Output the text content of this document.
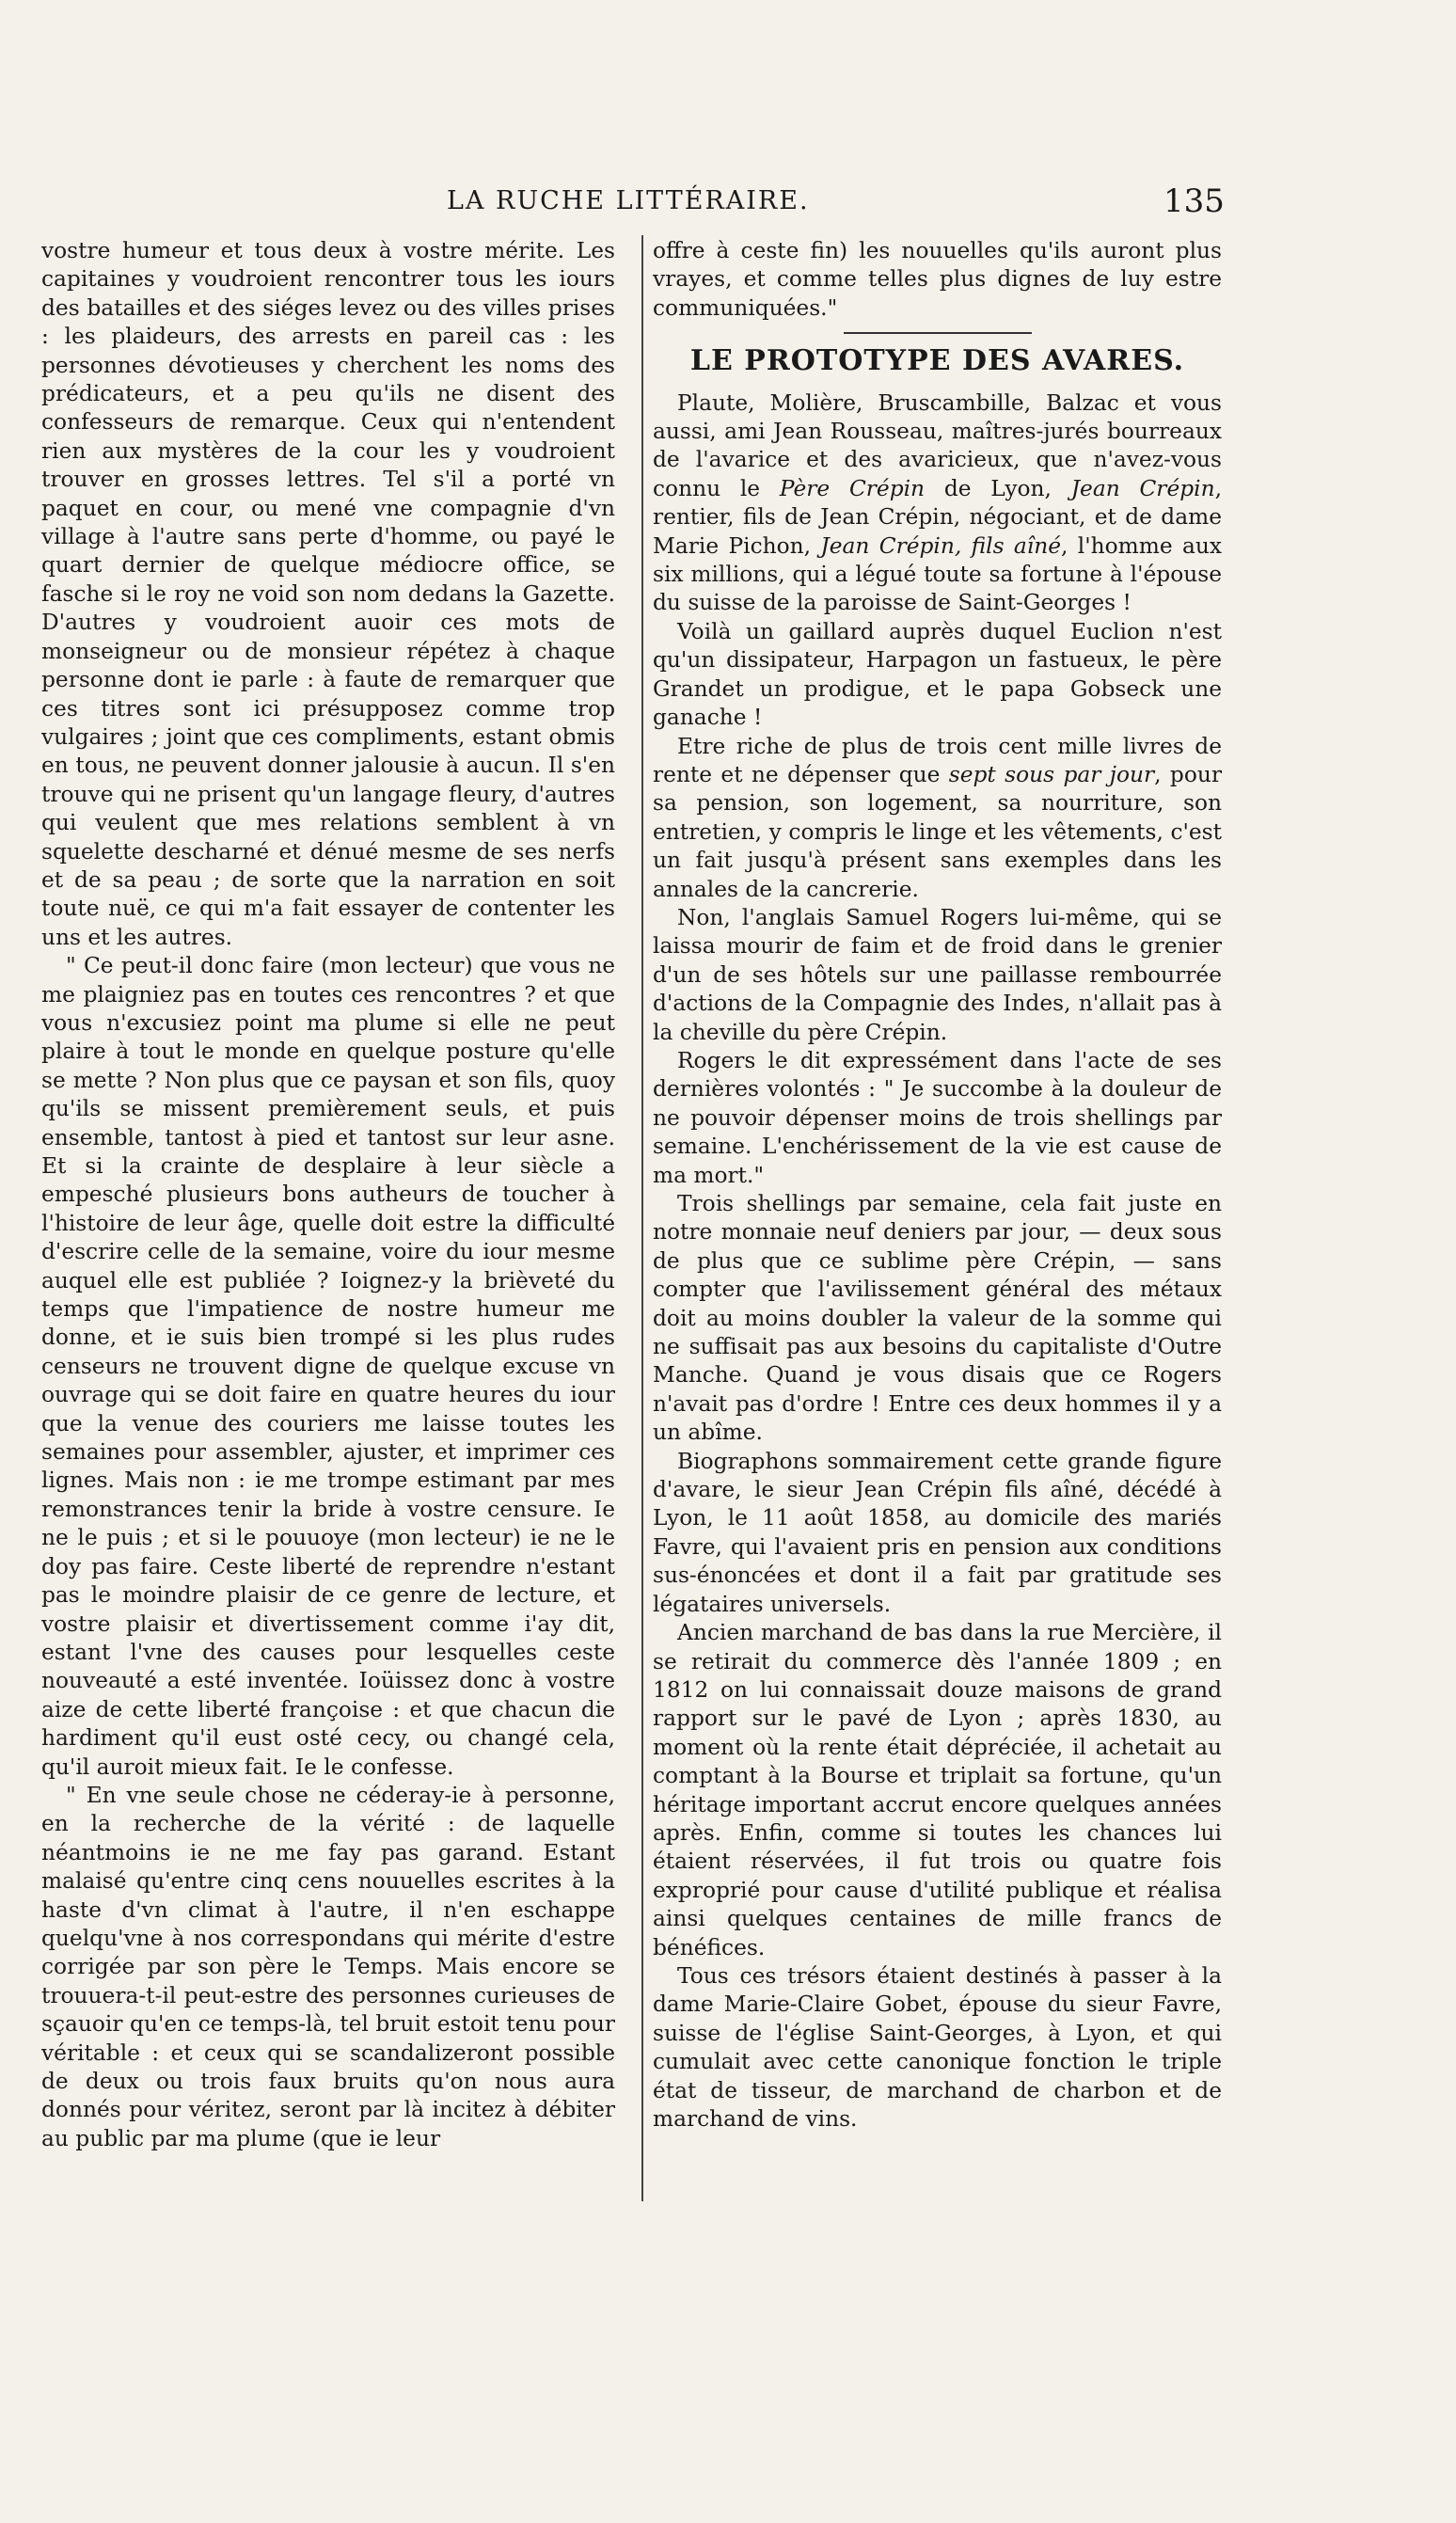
LA RUCHE LITTÉRAIRE.	135

vostre humeur et tous deux à vostre mérite. Les capitaines y voudroient rencontrer tous les iours des batailles et des siéges levez ou des villes prises : les plaideurs, des arrests en pareil cas : les personnes dévotieuses y cherchent les noms des prédicateurs, et a peu qu'ils ne disent des confesseurs de remarque. Ceux qui n'entendent rien aux mystères de la cour les y voudroient trouver en grosses lettres. Tel s'il a porté vn paquet en cour, ou mené vne compagnie d'vn village à l'autre sans perte d'homme, ou payé le quart dernier de quelque médiocre office, se fasche si le roy ne void son nom dedans la Gazette. D'autres y voudroient auoir ces mots de monseigneur ou de monsieur répétez à chaque personne dont ie parle : à faute de remarquer que ces titres sont ici présupposez comme trop vulgaires ; joint que ces compliments, estant obmis en tous, ne peuvent donner jalousie à aucun. Il s'en trouve qui ne prisent qu'un langage fleury, d'autres qui veulent que mes relations semblent à vn squelette descharné et dénué mesme de ses nerfs et de sa peau ; de sorte que la narration en soit toute nuë, ce qui m'a fait essayer de contenter les uns et les autres.

" Ce peut-il donc faire (mon lecteur) que vous ne me plaigniez pas en toutes ces rencontres ? et que vous n'excusiez point ma plume si elle ne peut plaire à tout le monde en quelque posture qu'elle se mette ? Non plus que ce paysan et son fils, quoy qu'ils se missent premièrement seuls, et puis ensemble, tantost à pied et tantost sur leur asne. Et si la crainte de desplaire à leur siècle a empesché plusieurs bons autheurs de toucher à l'histoire de leur âge, quelle doit estre la difficulté d'escrire celle de la semaine, voire du iour mesme auquel elle est publiée ? Ioignez-y la brièveté du temps que l'impatience de nostre humeur me donne, et ie suis bien trompé si les plus rudes censeurs ne trouvent digne de quelque excuse vn ouvrage qui se doit faire en quatre heures du iour que la venue des couriers me laisse toutes les semaines pour assembler, ajuster, et imprimer ces lignes. Mais non : ie me trompe estimant par mes remonstrances tenir la bride à vostre censure. Ie ne le puis ; et si le pouuoye (mon lecteur) ie ne le doy pas faire. Ceste liberté de reprendre n'estant pas le moindre plaisir de ce genre de lecture, et vostre plaisir et divertissement comme i'ay dit, estant l'vne des causes pour lesquelles ceste nouveauté a esté inventée. Ioüissez donc à vostre aize de cette liberté françoise : et que chacun die hardiment qu'il eust osté cecy, ou changé cela, qu'il auroit mieux fait. Ie le confesse.

" En vne seule chose ne céderay-ie à personne, en la recherche de la vérité : de laquelle néantmoins ie ne me fay pas garand. Estant malaisé qu'entre cinq cens nouuelles escrites à la haste d'vn climat à l'autre, il n'en eschappe quelqu'vne à nos correspondans qui mérite d'estre corrigée par son père le Temps. Mais encore se trouuera-t-il peut-estre des personnes curieuses de sçauoir qu'en ce temps-là, tel bruit estoit tenu pour véritable : et ceux qui se scandalizeront possible de deux ou trois faux bruits qu'on nous aura donnés pour véritez, seront par là incitez à débiter au public par ma plume (que ie leur

offre à ceste fin) les nouuelles qu'ils auront plus vrayes, et comme telles plus dignes de luy estre communiquées."

LE PROTOTYPE DES AVARES.

Plaute, Molière, Bruscambille, Balzac et vous aussi, ami Jean Rousseau, maîtres-jurés bourreaux de l'avarice et des avaricieux, que n'avez-vous connu le Père Crépin de Lyon, Jean Crépin, rentier, fils de Jean Crépin, négociant, et de dame Marie Pichon, Jean Crépin, fils aîné, l'homme aux six millions, qui a légué toute sa fortune à l'épouse du suisse de la paroisse de Saint-Georges !

Voilà un gaillard auprès duquel Euclion n'est qu'un dissipateur, Harpagon un fastueux, le père Grandet un prodigue, et le papa Gobseck une ganache !

Etre riche de plus de trois cent mille livres de rente et ne dépenser que sept sous par jour, pour sa pension, son logement, sa nourriture, son entretien, y compris le linge et les vêtements, c'est un fait jusqu'à présent sans exemples dans les annales de la cancrerie.

Non, l'anglais Samuel Rogers lui-même, qui se laissa mourir de faim et de froid dans le grenier d'un de ses hôtels sur une paillasse rembourrée d'actions de la Compagnie des Indes, n'allait pas à la cheville du père Crépin.

Rogers le dit expressément dans l'acte de ses dernières volontés : " Je succombe à la douleur de ne pouvoir dépenser moins de trois shellings par semaine. L'enchérissement de la vie est cause de ma mort."

Trois shellings par semaine, cela fait juste en notre monnaie neuf deniers par jour, — deux sous de plus que ce sublime père Crépin, — sans compter que l'avilissement général des métaux doit au moins doubler la valeur de la somme qui ne suffisait pas aux besoins du capitaliste d'Outre Manche. Quand je vous disais que ce Rogers n'avait pas d'ordre ! Entre ces deux hommes il y a un abîme.

Biographons sommairement cette grande figure d'avare, le sieur Jean Crépin fils aîné, décédé à Lyon, le 11 août 1858, au domicile des mariés Favre, qui l'avaient pris en pension aux conditions sus-énoncées et dont il a fait par gratitude ses légataires universels.

Ancien marchand de bas dans la rue Mercière, il se retirait du commerce dès l'année 1809 ; en 1812 on lui connaissait douze maisons de grand rapport sur le pavé de Lyon ; après 1830, au moment où la rente était dépréciée, il achetait au comptant à la Bourse et triplait sa fortune, qu'un héritage important accrut encore quelques années après. Enfin, comme si toutes les chances lui étaient réservées, il fut trois ou quatre fois exproprié pour cause d'utilité publique et réalisa ainsi quelques centaines de mille francs de bénéfices.

Tous ces trésors étaient destinés à passer à la dame Marie-Claire Gobet, épouse du sieur Favre, suisse de l'église Saint-Georges, à Lyon, et qui cumulait avec cette canonique fonction le triple état de tisseur, de marchand de charbon et de marchand de vins.
